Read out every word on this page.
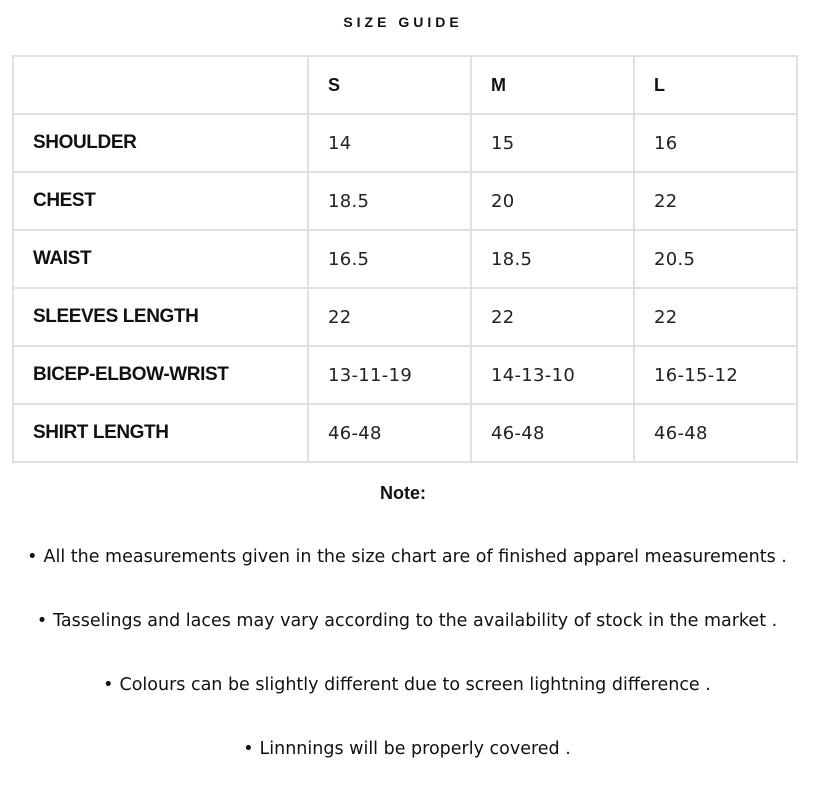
SIZE GUIDE
	S	M	L
SHOULDER	14	15	16
CHEST	18.5	20	22
WAIST	16.5	18.5	20.5
SLEEVES LENGTH	22	22	22
BICEP-ELBOW-WRIST	13-11-19	14-13-10	16-15-12
SHIRT LENGTH	46-48	46-48	46-48
Note:
• All the measurements given in the size chart are of finished apparel measurements .
• Tasselings and laces may vary according to the availability of stock in the market .
• Colours can be slightly different due to screen lightning difference .
• Linnnings will be properly covered .
